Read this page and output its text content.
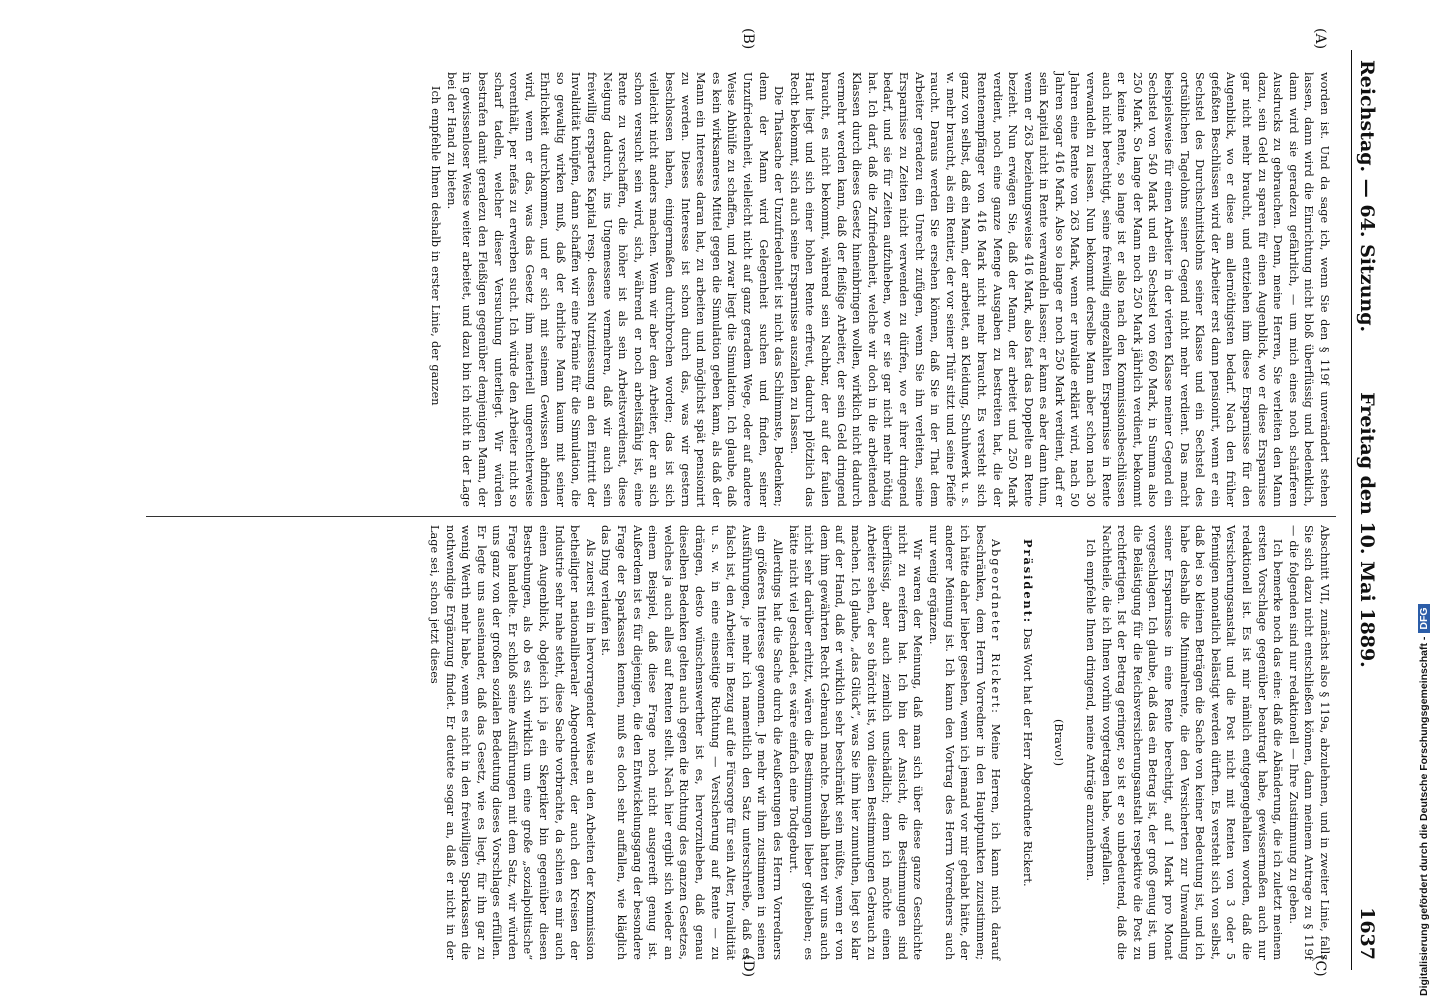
Reichstag. — 64. Sitzung.
Freitag den 10. Mai 1889.
1637
(A)
(B)
(C)
(D)

worden ist. Und da sage ich, wenn Sie den § 119f unverändert stehen lassen, dann wird die Einrichtung nicht bloß überflüssig und bedenklich, dann wird sie geradezu gefährlich, — um mich eines noch schärferen Ausdrucks zu gebrauchen. Denn, meine Herren, Sie verleiten den Mann dazu, sein Geld zu sparen für einen Augenblick, wo er diese Ersparnisse gar nicht mehr braucht, und entziehen ihm diese Ersparnisse für den Augenblick, wo er diese am allernöthigsten bedarf. Nach den früher gefaßten Beschlüssen wird der Arbeiter erst dann pensionirt, wenn er ein Sechstel des Durchschnittslohns seiner Klasse und ein Sechstel des ortsüblichen Tagelohns seiner Gegend nicht mehr verdient. Das macht beispielsweise für einen Arbeiter in der vierten Klasse meiner Gegend ein Sechstel von 540 Mark und ein Sechstel von 660 Mark, in Summa also 250 Mark. So lange der Mann noch 250 Mark jährlich verdient, bekommt er keine Rente, so lange ist er also nach den Kommissionsbeschlüssen auch nicht berechtigt, seine freiwillig eingezahlten Ersparnisse in Rente verwandeln zu lassen. Nun bekommt derselbe Mann aber schon nach 30 Jahren eine Rente von 263 Mark, wenn er invalide erklärt wird, nach 50 Jahren sogar 416 Mark. Also so lange er noch 250 Mark verdient, darf er sein Kapital nicht in Rente verwandeln lassen; er kann es aber dann thun, wenn er 263 beziehungsweise 416 Mark, also fast das Doppelte an Rente bezieht. Nun erwägen Sie, daß der Mann, der arbeitet und 250 Mark verdient, noch eine ganze Menge Ausgaben zu bestreiten hat, die der Rentenempfänger von 416 Mark nicht mehr braucht. Es versteht sich ganz von selbst, daß ein Mann, der arbeitet, an Kleidung, Schuhwerk u. s. w. mehr braucht, als ein Rentier, der vor seiner Thür sitzt und seine Pfeife raucht. Daraus werden Sie ersehen können, daß Sie in der That dem Arbeiter geradezu ein Unrecht zufügen, wenn Sie ihn verleiten, seine Ersparnisse zu Zeiten nicht verwenden zu dürfen, wo er ihrer dringend bedarf, und sie für Zeiten aufzuheben, wo er sie gar nicht mehr nöthig hat. Ich darf, daß die Zufriedenheit, welche wir doch in die arbeitenden Klassen durch dieses Gesetz hineinbringen wollen, wirklich nicht dadurch vermehrt werden kann, daß der fleißige Arbeiter, der sein Geld dringend braucht, es nicht bekommt, während sein Nachbar, der auf der faulen Haut liegt und sich einer hohen Rente erfreut, dadurch plötzlich das Recht bekommt, sich auch seine Ersparnisse auszahlen zu lassen.

Die Thatsache der Unzufriedenheit ist nicht das Schlimmste, Bedenken; denn der Mann wird Gelegenheit suchen und finden, seiner Unzufriedenheit, vielleicht nicht auf ganz geradem Wege, oder auf andere Weise Abhülfe zu schaffen, und zwar liegt die Simulation. Ich glaube, daß es kein wirksameres Mittel gegen die Simulation geben kann, als daß der Mann ein Interesse daran hat, zu arbeiten und möglichst spät pensionirt zu werden. Dieses Interesse ist schon durch das, was wir gestern beschlossen haben, einigermaßen durchbrochen worden; das ist sich vielleicht nicht anders machen. Wenn wir aber dem Arbeiter, der an sich schon versucht sein wird, sich, während er noch arbeitsfähig ist, eine Rente zu verschaffen, die höher ist als sein Arbeitsverdienst, diese Neigung dadurch, ins Ungemessene vermehren, daß wir auch sein freiwillig erspartes Kapital resp. dessen Nutzniessung an den Eintritt der Invalidität knüpfen, dann schaffen wir eine Prämie für die Simulation, die so gewaltig wirken muß, daß der ehrliche Mann kaum mit seiner Ehrlichkeit durchkommen, und er sich mit seinem Gewissen abfinden wird, wenn er das, was das Gesetz ihm materiell ungerechterweise vorenthält, per nefas zu erwerben sucht. Ich würde den Arbeiter nicht so scharf tadeln, welcher dieser Versuchung unterliegt. Wir würden bestrafen damit geradezu den Fleißigen gegenüber demjenigen Mann, der in gewissenloser Weise weiter arbeitet, und dazu bin ich nicht in der Lage bei der Hand zu bieten.

Ich empfehle Ihnen deshalb in erster Linie, der ganzen

Abschnitt VII, zunächst also § 119a, abzulehnen, und in zweiter Linie, falls Sie sich dazu nicht entschließen können, dann meinem Antrage zu § 119f — die folgenden sind nur redaktionell — Ihre Zustimmung zu geben.

Ich bemerke noch das eine: daß die Abänderung, die ich zuletzt meinem ersten Vorschlage gegenüber beantragt habe, gewissermaßen auch nur redaktionell ist. Es ist mir nämlich entgegengehalten worden, daß die Versicherungsanstalt und die Post nicht mit Renten von 3 oder 5 Pfennigen monatlich belästigt werden dürften. Es versteht sich von selbst, daß bei so kleinen Beträgen die Sache von keiner Bedeutung ist, und ich habe deshalb die Minimalrente, die den Versicherten zur Umwandlung seiner Ersparnisse in eine Rente berechtigt, auf 1 Mark pro Monat vorgeschlagen. Ich glaube, daß das ein Betrag ist, der groß genug ist, um die Belästigung für die Reichsversicherungsanstalt respektive die Post zu rechtfertigen. Ist der Betrag geringer, so ist er so unbedeutend, daß die Nachtheile, die ich Ihnen vorhin vorgetragen habe, wegfallen.

Ich empfehle Ihnen dringend, meine Anträge anzunehmen.

(Bravo!)

Präsident: Das Wort hat der Herr Abgeordnete Rickert.

Abgeordneter Rickert: Meine Herren, ich kann mich darauf beschränken, dem Herrn Vorredner in den Hauptpunkten zuzustimmen; ich hätte daher lieber gesehen, wenn ich jemand vor mir gehabt hätte, der anderer Meinung ist. Ich kann den Vortrag des Herrn Vorredners auch nur wenig ergänzen.

Wir waren der Meinung, daß man sich über diese ganze Geschichte nicht zu ereifern hat. Ich bin der Ansicht, die Bestimmungen sind überflüssig, aber auch ziemlich unschädlich; denn ich möchte einen Arbeiter sehen, der so thöricht ist, von diesen Bestimmungen Gebrauch zu machen. Ich glaube, „das Glück“, was Sie ihm hier zumuthen, liegt so klar auf der Hand, daß er wirklich sehr beschränkt sein müßte, wenn er von dem ihm gewährten Recht Gebrauch machte. Deshalb hatten wir uns auch nicht sehr darüber erhitzt, wären die Bestimmungen lieber geblieben; es hätte nicht viel geschadet, es wäre einfach eine Todtgeburt.

Allerdings hat die Sache durch die Aeußerungen des Herrn Vorredners ein größeres Interesse gewonnen. Je mehr wir ihm zustimmen in seinen Ausführungen, je mehr ich namentlich den Satz unterschreibe, daß es falsch ist, den Arbeiter in Bezug auf die Fürsorge für sein Alter, Invalidität u. s. w. in eine einseitige Richtung — Versicherung auf Rente — zu drängen, desto wünschenswerther ist es, hervorzuheben, daß genau dieselben Bedenken gelten auch gegen die Richtung des ganzen Gesetzes, welches ja auch alles auf Renten stellt. Nach hier ergibt sich wieder an einem Beispiel, daß diese Frage noch nicht ausgereift genug ist. Außerdem ist es für diejenigen, die den Entwickelungsgang der besondere Frage der Sparkassen kennen, muß es doch sehr auffallen, wie kläglich das Ding verlaufen ist.

Als zuerst ein in hervorragender Weise an den Arbeiten der Kommission betheiligter nationalliberaler Abgeordneter, der auch den Kreisen der Industrie sehr nahe steht, diese Sache vorbrachte, da schien es mir auch einen Augenblick, obgleich ich ja ein Skeptiker bin gegenüber diesen Bestrebungen, als ob es sich wirklich um eine große „sozialpolitische“ Frage handelte. Er schloß seine Ausführungen mit dem Satz, wir würden uns ganz von der großen sozialen Bedeutung dieses Vorschlages erfüllen. Er legte uns auseinander, daß das Gesetz, wie es liegt, für ihn gar zu wenig Werth mehr habe, wenn es nicht in den freiwilligen Sparkassen die nothwendige Ergänzung findet. Er deutete sogar an, daß er nicht in der Lage sei, schon jetzt dieses

Digitalisierung gefördert durch die Deutsche Forschungsgemeinschaft -DFG
